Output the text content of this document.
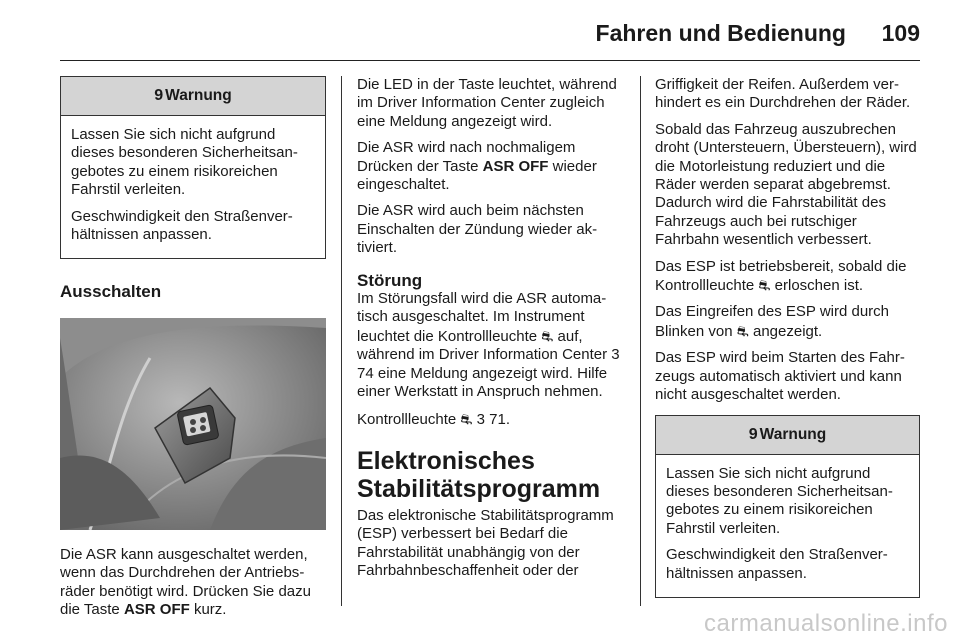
Fahren und Bedienung 109
9 Warnung

Lassen Sie sich nicht aufgrund dieses besonderen Sicherheitsangebotes zu einem risikoreichen Fahrstil verleiten.

Geschwindigkeit den Straßenverhältnissen anpassen.

Ausschalten

Die ASR kann ausgeschaltet werden, wenn das Durchdrehen der Antriebsräder benötigt wird. Drücken Sie dazu die Taste ASR OFF kurz.

Die LED in der Taste leuchtet, während im Driver Information Center zugleich eine Meldung angezeigt wird.

Die ASR wird nach nochmaligem Drücken der Taste ASR OFF wieder eingeschaltet.

Die ASR wird auch beim nächsten Einschalten der Zündung wieder aktiviert.

Störung

Im Störungsfall wird die ASR automatisch ausgeschaltet. Im Instrument leuchtet die Kontrollleuchte ⛐ auf, während im Driver Information Center 3 74 eine Meldung angezeigt wird. Hilfe einer Werkstatt in Anspruch nehmen.

Kontrollleuchte ⛐ 3 71.

Elektronisches Stabilitätsprogramm

Das elektronische Stabilitätsprogramm (ESP) verbessert bei Bedarf die Fahrstabilität unabhängig von der Fahrbahnbeschaffenheit oder der

Griffigkeit der Reifen. Außerdem verhindert es ein Durchdrehen der Räder.

Sobald das Fahrzeug auszubrechen droht (Untersteuern, Übersteuern), wird die Motorleistung reduziert und die Räder werden separat abgebremst. Dadurch wird die Fahrstabilität des Fahrzeugs auch bei rutschiger Fahrbahn wesentlich verbessert.

Das ESP ist betriebsbereit, sobald die Kontrollleuchte ⛐ erloschen ist.

Das Eingreifen des ESP wird durch Blinken von ⛐ angezeigt.

Das ESP wird beim Starten des Fahrzeugs automatisch aktiviert und kann nicht ausgeschaltet werden.

9 Warnung

Lassen Sie sich nicht aufgrund dieses besonderen Sicherheitsangebotes zu einem risikoreichen Fahrstil verleiten.

Geschwindigkeit den Straßenverhältnissen anpassen.

carmanualsonline.info
